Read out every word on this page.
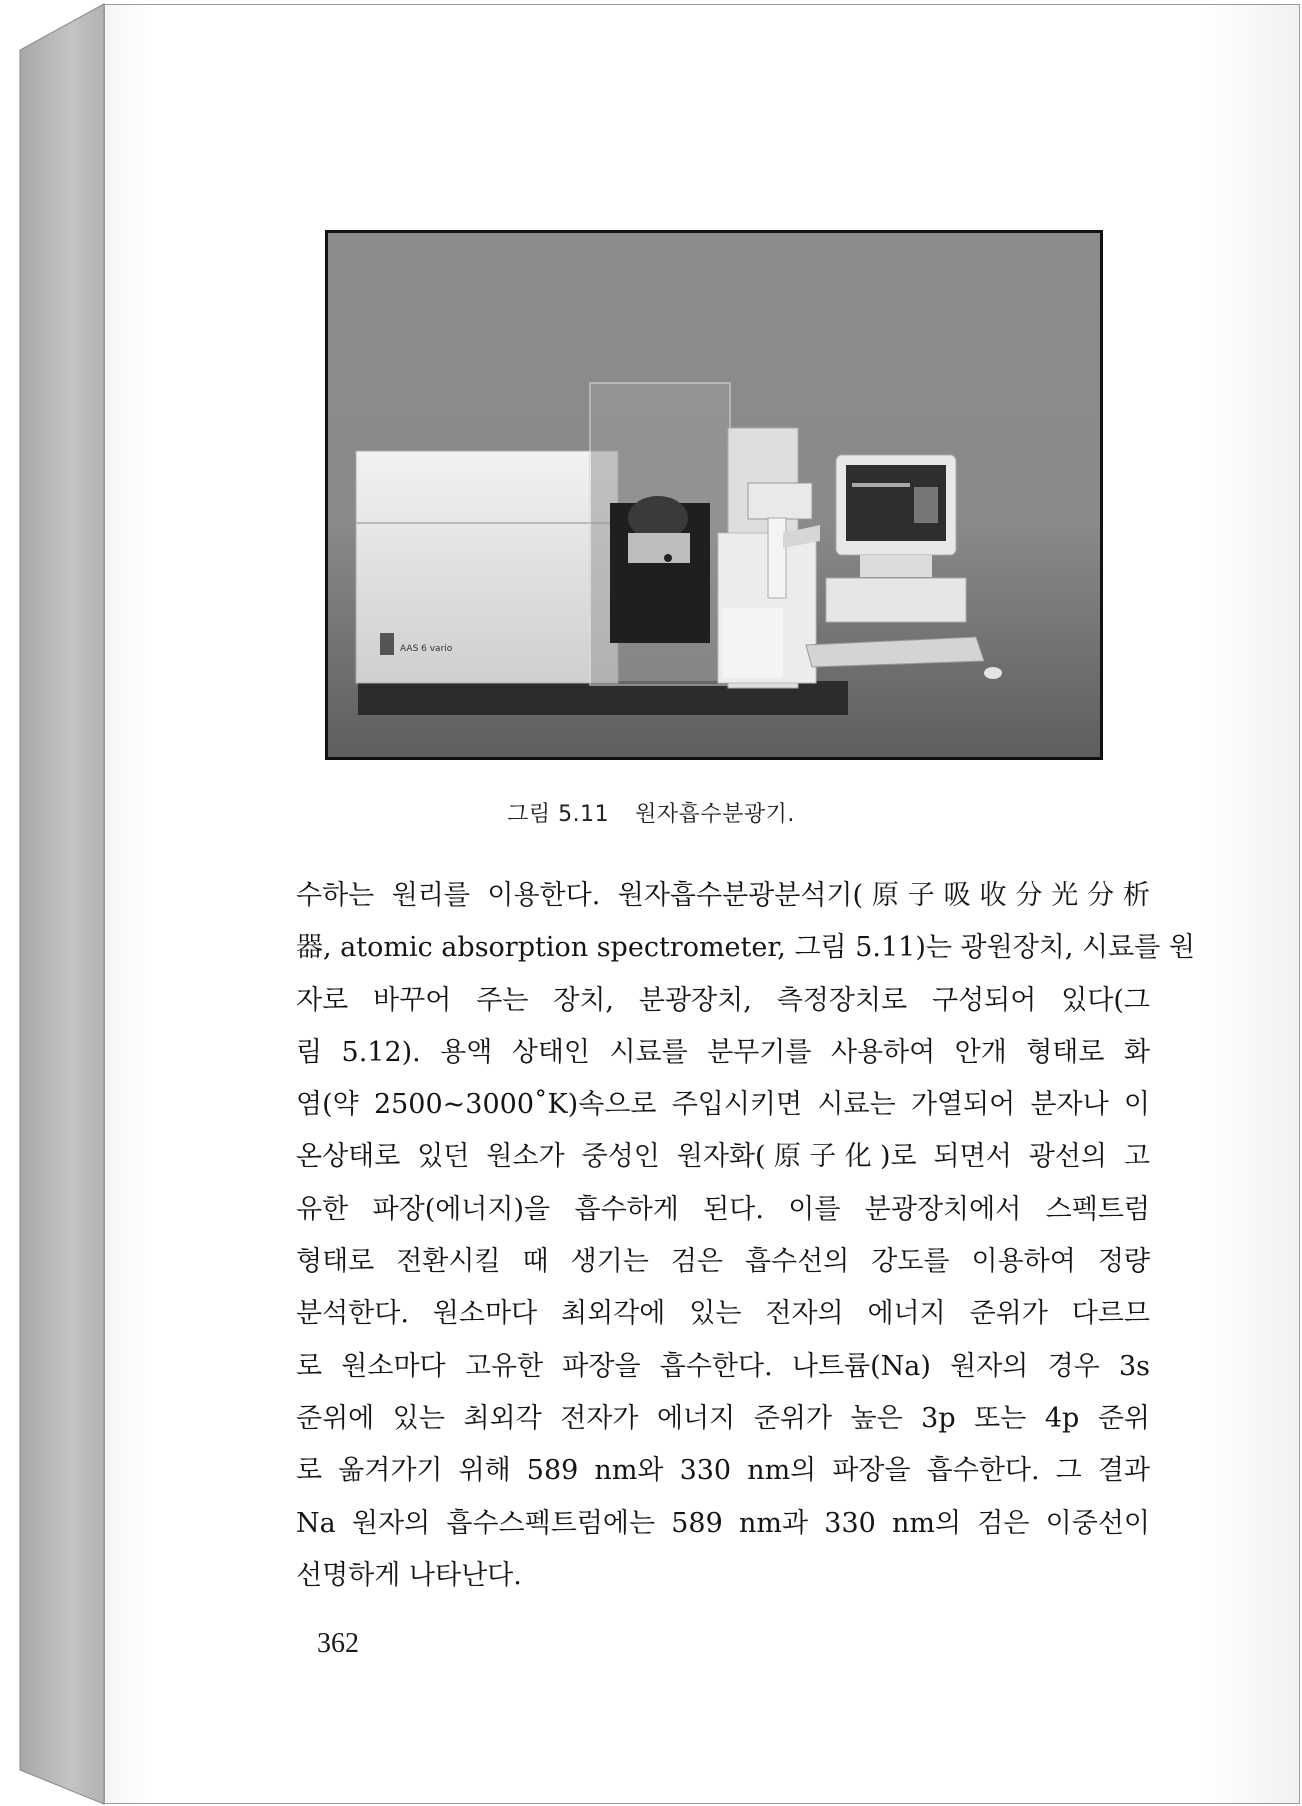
AAS 6 vario
그림 5.11 원자흡수분광기.
수하는 원리를 이용한다. 원자흡수분광분석기(原子吸收分光分析
器, atomic absorption spectrometer, 그림 5.11)는 광원장치, 시료를 원
자로 바꾸어 주는 장치, 분광장치, 측정장치로 구성되어 있다(그
림 5.12). 용액 상태인 시료를 분무기를 사용하여 안개 형태로 화
염(약 2500~3000˚K)속으로 주입시키면 시료는 가열되어 분자나 이
온상태로 있던 원소가 중성인 원자화(原子化)로 되면서 광선의 고
유한 파장(에너지)을 흡수하게 된다. 이를 분광장치에서 스펙트럼
형태로 전환시킬 때 생기는 검은 흡수선의 강도를 이용하여 정량
분석한다. 원소마다 최외각에 있는 전자의 에너지 준위가 다르므
로 원소마다 고유한 파장을 흡수한다. 나트륨(Na) 원자의 경우 3s
준위에 있는 최외각 전자가 에너지 준위가 높은 3p 또는 4p 준위
로 옮겨가기 위해 589 nm와 330 nm의 파장을 흡수한다. 그 결과
Na 원자의 흡수스펙트럼에는 589 nm과 330 nm의 검은 이중선이
선명하게 나타난다.
362
